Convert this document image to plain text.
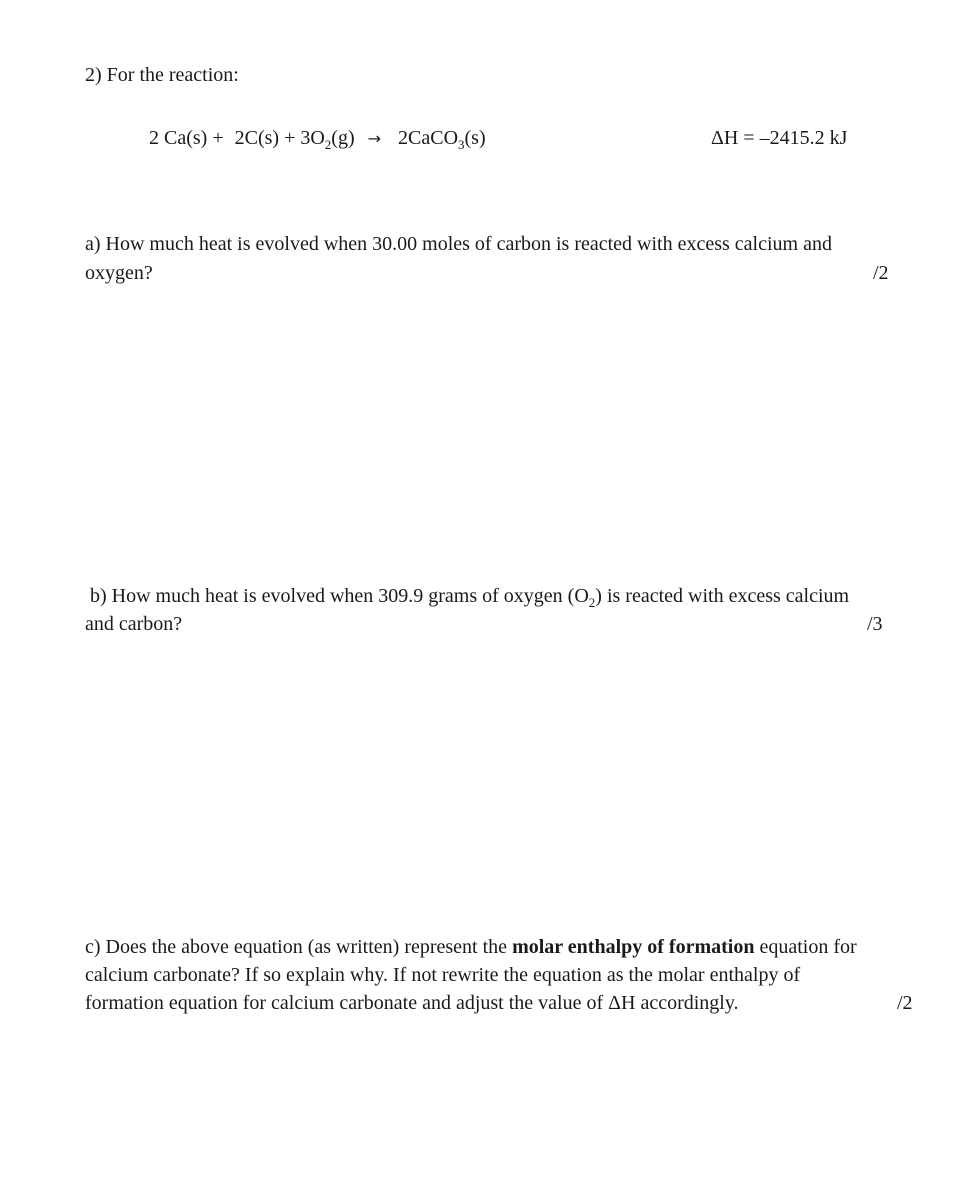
2) For the reaction:
2 $Ca(s) + 2C(s) + 3O_2(g)$ → 2CaCO$_3$(s)	ΔH = –2415.2 kJ
a) How much heat is evolved when 30.00 moles of carbon is reacted with excess calcium and
oxygen?	/2
b) How much heat is evolved when 309.9 grams of oxygen $(O_2)$ is reacted with excess calcium
and carbon?	/3
c) Does the above equation (as written) represent the molar enthalpy of formation equation for
calcium carbonate? If so explain why. If not rewrite the equation as the molar enthalpy of
formation equation for calcium carbonate and adjust the value of ΔH accordingly.	/2
